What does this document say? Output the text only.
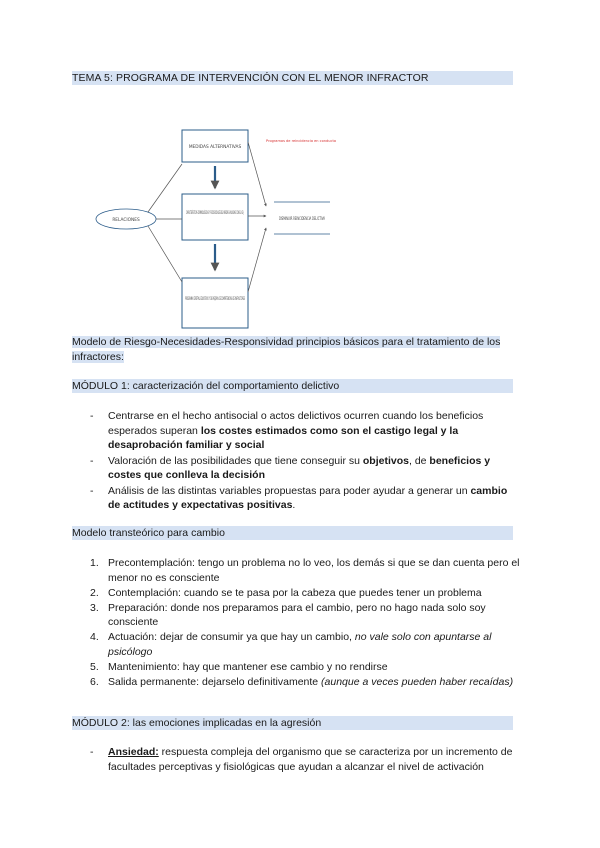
TEMA 5: PROGRAMA DE INTERVENCIÓN CON EL MENOR INFRACTOR
MEDIDAS ALTERNATIVAS
CARACTERÍSTICAS CRIMINOLÓGICAS Y PSICOSOCIALES DEL MENOR EVALUADAS CON EL IGI-J
PROGRAMA CENTRAL EDUCATIVO Y DE MEJORA DE COMPETENCIAS DE INFRACTORES
RELACIONES	DISMINUIR REINCIDENCIA DELICTIVA
Programas de reincidencia en conducta
Modelo de Riesgo-Necesidades-Responsividad principios básicos para el tratamiento de los infractores:
MÓDULO 1: caracterización del comportamiento delictivo
- Centrarse en el hecho antisocial o actos delictivos ocurren cuando los beneficios esperados superan los costes estimados como son el castigo legal y la desaprobación familiar y social
- Valoración de las posibilidades que tiene conseguir su objetivos, de beneficios y costes que conlleva la decisión
- Análisis de las distintas variables propuestas para poder ayudar a generar un cambio de actitudes y expectativas positivas.
Modelo transteórico para cambio
1. Precontemplación: tengo un problema no lo veo, los demás si que se dan cuenta pero el menor no es consciente
2. Contemplación: cuando se te pasa por la cabeza que puedes tener un problema
3. Preparación: donde nos preparamos para el cambio, pero no hago nada solo soy consciente
4. Actuación: dejar de consumir ya que hay un cambio, no vale solo con apuntarse al psicólogo
5. Mantenimiento: hay que mantener ese cambio y no rendirse
6. Salida permanente: dejarselo definitivamente (aunque a veces pueden haber recaídas)
MÓDULO 2: las emociones implicadas en la agresión
- Ansiedad: respuesta compleja del organismo que se caracteriza por un incremento de facultades perceptivas y fisiológicas que ayudan a alcanzar el nivel de activación
